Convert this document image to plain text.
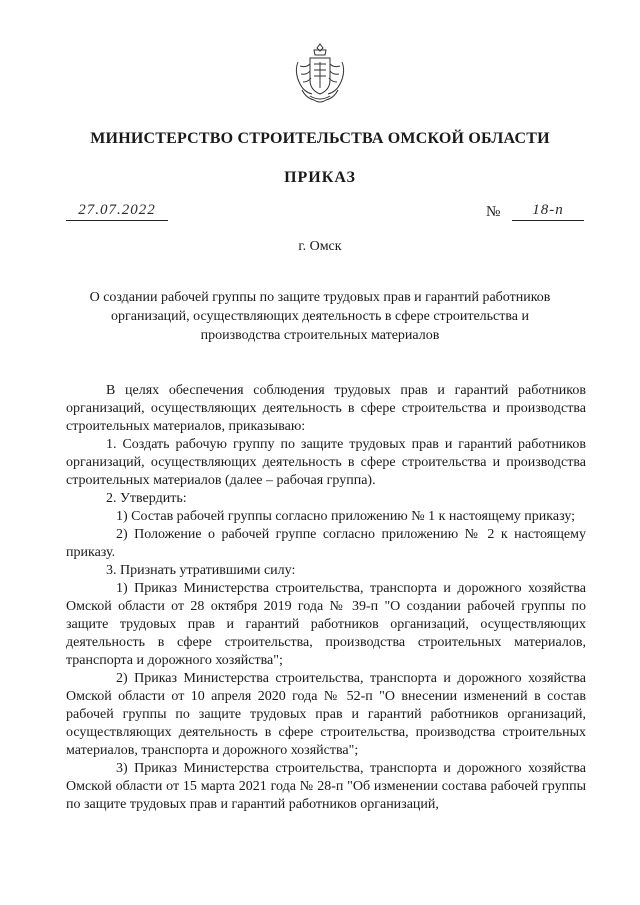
МИНИСТЕРСТВО СТРОИТЕЛЬСТВА ОМСКОЙ ОБЛАСТИ
ПРИКАЗ
27.07.2022	№	18-п
г. Омск
О создании рабочей группы по защите трудовых прав и гарантий работников организаций, осуществляющих деятельность в сфере строительства и производства строительных материалов

В целях обеспечения соблюдения трудовых прав и гарантий работников организаций, осуществляющих деятельность в сфере строительства и производства строительных материалов, приказываю:

1. Создать рабочую группу по защите трудовых прав и гарантий работников организаций, осуществляющих деятельность в сфере строительства и производства строительных материалов (далее – рабочая группа).

2. Утвердить:

1) Состав рабочей группы согласно приложению № 1 к настоящему приказу;

2) Положение о рабочей группе согласно приложению № 2 к настоящему приказу.

3. Признать утратившими силу:

1) Приказ Министерства строительства, транспорта и дорожного хозяйства Омской области от 28 октября 2019 года № 39-п "О создании рабочей группы по защите трудовых прав и гарантий работников организаций, осуществляющих деятельность в сфере строительства, производства строительных материалов, транспорта и дорожного хозяйства";

2) Приказ Министерства строительства, транспорта и дорожного хозяйства Омской области от 10 апреля 2020 года № 52-п "О внесении изменений в состав рабочей группы по защите трудовых прав и гарантий работников организаций, осуществляющих деятельность в сфере строительства, производства строительных материалов, транспорта и дорожного хозяйства";

3) Приказ Министерства строительства, транспорта и дорожного хозяйства Омской области от 15 марта 2021 года № 28-п "Об изменении состава рабочей группы по защите трудовых прав и гарантий работников организаций,
